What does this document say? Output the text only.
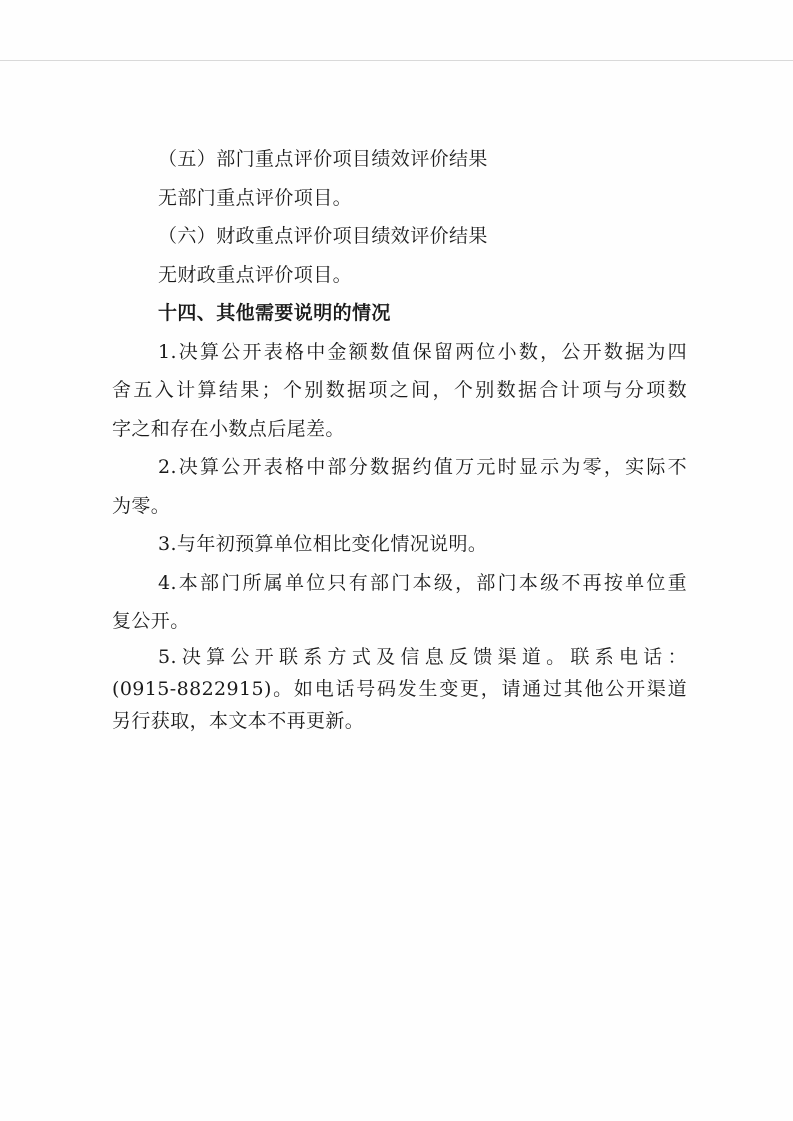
（五）部门重点评价项目绩效评价结果
无部门重点评价项目。
（六）财政重点评价项目绩效评价结果
无财政重点评价项目。
十四、其他需要说明的情况
1.决算公开表格中金额数值保留两位小数，公开数据为四
舍五入计算结果；个别数据项之间，个别数据合计项与分项数
字之和存在小数点后尾差。
2.决算公开表格中部分数据约值万元时显示为零，实际不
为零。
3.与年初预算单位相比变化情况说明。
4.本部门所属单位只有部门本级，部门本级不再按单位重
复公开。
5.决算公开联系方式及信息反馈渠道。联系电话：
(0915-8822915)。如电话号码发生变更，请通过其他公开渠道
另行获取，本文本不再更新。
